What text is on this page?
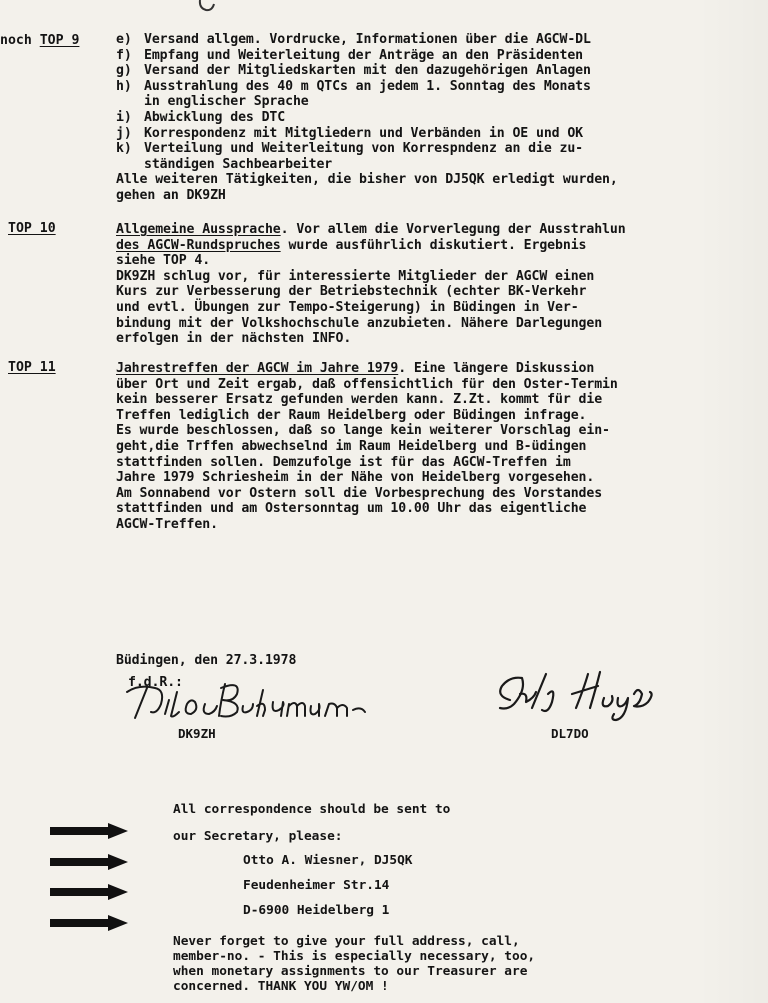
noch TOP 9	e) Versand allgem. Vordrucke, Informationen über die AGCW-DL
f) Empfang und Weiterleitung der Anträge an den Präsidenten
g) Versand der Mitgliedskarten mit den dazugehörigen Anlagen
h) Ausstrahlung des 40 m QTCs an jedem 1. Sonntag des Monats
in englischer Sprache
i) Abwicklung des DTC
j) Korrespondenz mit Mitgliedern und Verbänden in OE und OK
k) Verteilung und Weiterleitung von Korrespndenz an die zu-
ständigen Sachbearbeiter
Alle weiteren Tätigkeiten, die bisher von DJ5QK erledigt wurden,
gehen an DK9ZH
TOP 10	Allgemeine Aussprache. Vor allem die Vorverlegung der Ausstrahlun
des AGCW-Rundspruches wurde ausführlich diskutiert. Ergebnis
siehe TOP 4.
DK9ZH schlug vor, für interessierte Mitglieder der AGCW einen
Kurs zur Verbesserung der Betriebstechnik (echter BK-Verkehr
und evtl. Übungen zur Tempo-Steigerung) in Büdingen in Ver-
bindung mit der Volkshochschule anzubieten. Nähere Darlegungen
erfolgen in der nächsten INFO.
TOP 11	Jahrestreffen der AGCW im Jahre 1979. Eine längere Diskussion
über Ort und Zeit ergab, daß offensichtlich für den Oster-Termin
kein besserer Ersatz gefunden werden kann. Z.Zt. kommt für die
Treffen lediglich der Raum Heidelberg oder Büdingen infrage.
Es wurde beschlossen, daß so lange kein weiterer Vorschlag ein-
geht,die Trffen abwechselnd im Raum Heidelberg und B-üdingen
stattfinden sollen. Demzufolge ist für das AGCW-Treffen im
Jahre 1979 Schriesheim in der Nähe von Heidelberg vorgesehen.
Am Sonnabend vor Ostern soll die Vorbesprechung des Vorstandes
stattfinden und am Ostersonntag um 10.00 Uhr das eigentliche
AGCW-Treffen.
Büdingen, den 27.3.1978
f.d.R.:
DK9ZH	DL7DO
All correspondence should be sent to
our Secretary, please:
Otto A. Wiesner, DJ5QK
Feudenheimer Str.14
D-6900 Heidelberg 1
Never forget to give your full address, call,
member-no. - This is especially necessary, too,
when monetary assignments to our Treasurer are
concerned. THANK YOU YW/OM !
